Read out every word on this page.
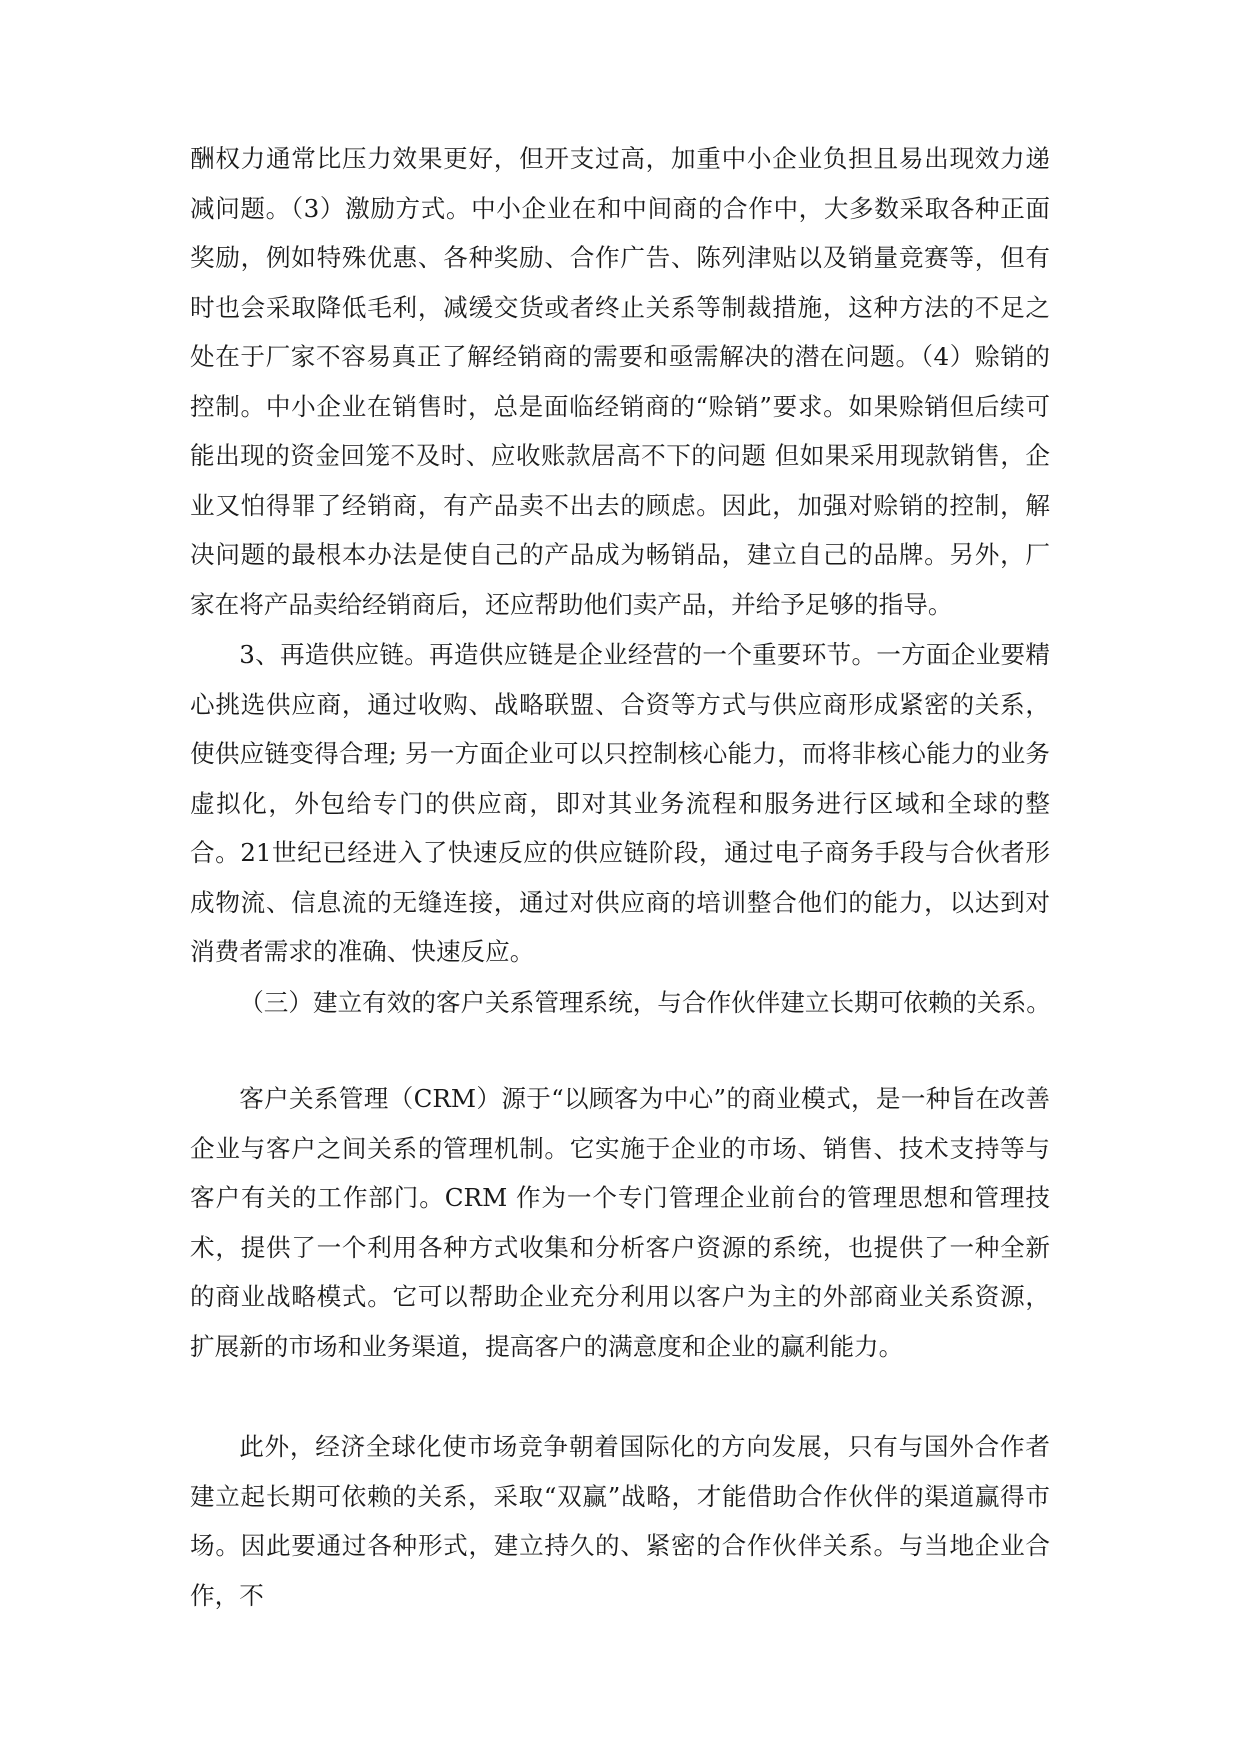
酬权力通常比压力效果更好，但开支过高，加重中小企业负担且易出现效力递减问题。（3）激励方式。中小企业在和中间商的合作中，大多数采取各种正面奖励，例如特殊优惠、各种奖励、合作广告、陈列津贴以及销量竞赛等，但有时也会采取降低毛利，减缓交货或者终止关系等制裁措施，这种方法的不足之处在于厂家不容易真正了解经销商的需要和亟需解决的潜在问题。（4）赊销的控制。中小企业在销售时，总是面临经销商的“赊销”要求。如果赊销但后续可能出现的资金回笼不及时、应收账款居高不下的问题 但如果采用现款销售，企业又怕得罪了经销商，有产品卖不出去的顾虑。因此，加强对赊销的控制，解决问题的最根本办法是使自己的产品成为畅销品，建立自己的品牌。另外，厂家在将产品卖给经销商后，还应帮助他们卖产品，并给予足够的指导。

3、再造供应链。再造供应链是企业经营的一个重要环节。一方面企业要精心挑选供应商，通过收购、战略联盟、合资等方式与供应商形成紧密的关系，使供应链变得合理; 另一方面企业可以只控制核心能力，而将非核心能力的业务虚拟化，外包给专门的供应商，即对其业务流程和服务进行区域和全球的整合。21世纪已经进入了快速反应的供应链阶段，通过电子商务手段与合伙者形成物流、信息流的无缝连接，通过对供应商的培训整合他们的能力，以达到对消费者需求的准确、快速反应。

（三）建立有效的客户关系管理系统，与合作伙伴建立长期可依赖的关系。

客户关系管理（CRM）源于“以顾客为中心”的商业模式，是一种旨在改善企业与客户之间关系的管理机制。它实施于企业的市场、销售、技术支持等与客户有关的工作部门。CRM 作为一个专门管理企业前台的管理思想和管理技术，提供了一个利用各种方式收集和分析客户资源的系统，也提供了一种全新的商业战略模式。它可以帮助企业充分利用以客户为主的外部商业关系资源，扩展新的市场和业务渠道，提高客户的满意度和企业的赢利能力。

此外，经济全球化使市场竞争朝着国际化的方向发展，只有与国外合作者建立起长期可依赖的关系，采取“双赢”战略，才能借助合作伙伴的渠道赢得市场。因此要通过各种形式，建立持久的、紧密的合作伙伴关系。与当地企业合作，不
